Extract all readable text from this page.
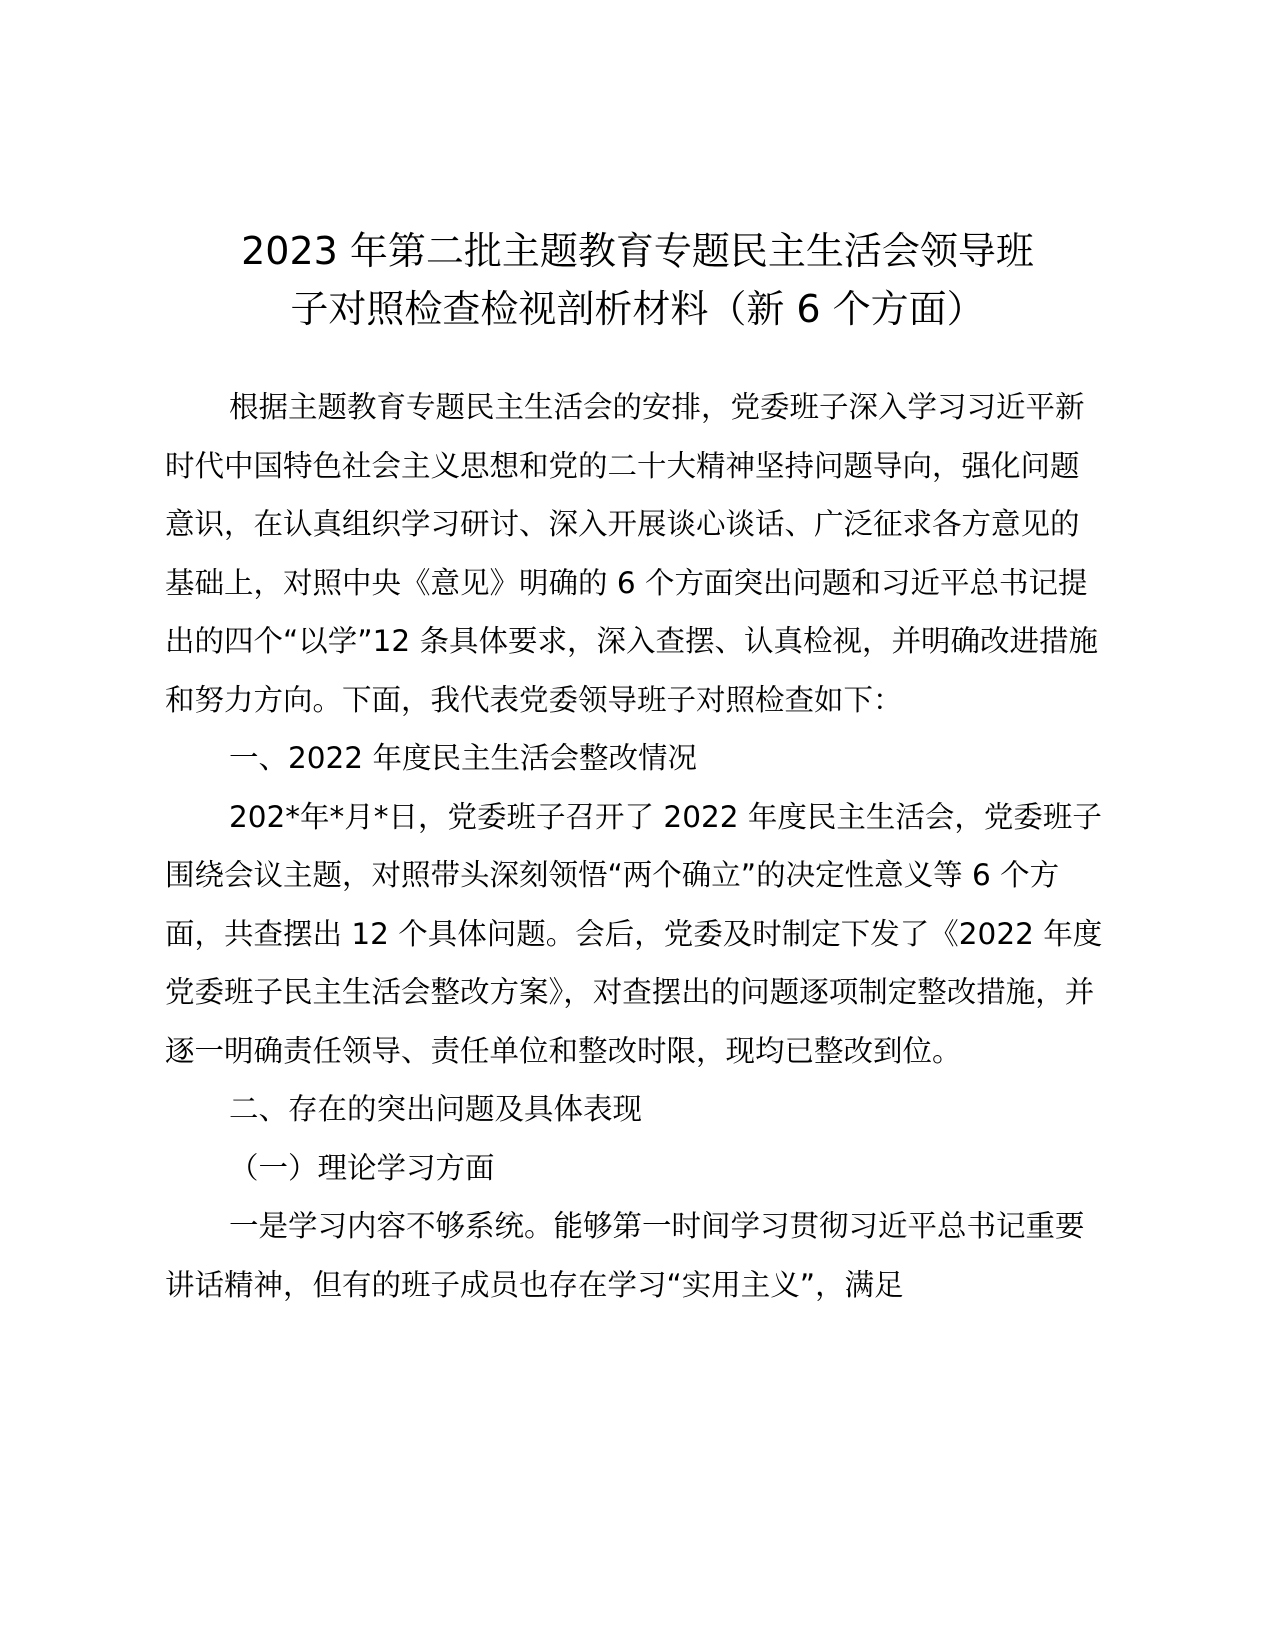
2023 年第二批主题教育专题民主生活会领导班
子对照检查检视剖析材料（新 6 个方面）

根据主题教育专题民主生活会的安排，党委班子深入学习习近平新时代中国特色社会主义思想和党的二十大精神坚持问题导向，强化问题意识，在认真组织学习研讨、深入开展谈心谈话、广泛征求各方意见的基础上，对照中央《意见》明确的 6 个方面突出问题和习近平总书记提出的四个“以学”12 条具体要求，深入查摆、认真检视，并明确改进措施和努力方向。下面，我代表党委领导班子对照检查如下：

一、2022 年度民主生活会整改情况

202*年*月*日，党委班子召开了 2022 年度民主生活会，党委班子围绕会议主题，对照带头深刻领悟“两个确立”的决定性意义等 6 个方面，共查摆出 12 个具体问题。会后，党委及时制定下发了《2022 年度党委班子民主生活会整改方案》，对查摆出的问题逐项制定整改措施，并逐一明确责任领导、责任单位和整改时限，现均已整改到位。

二、存在的突出问题及具体表现

（一）理论学习方面

一是学习内容不够系统。能够第一时间学习贯彻习近平总书记重要讲话精神，但有的班子成员也存在学习“实用主义”，满足
